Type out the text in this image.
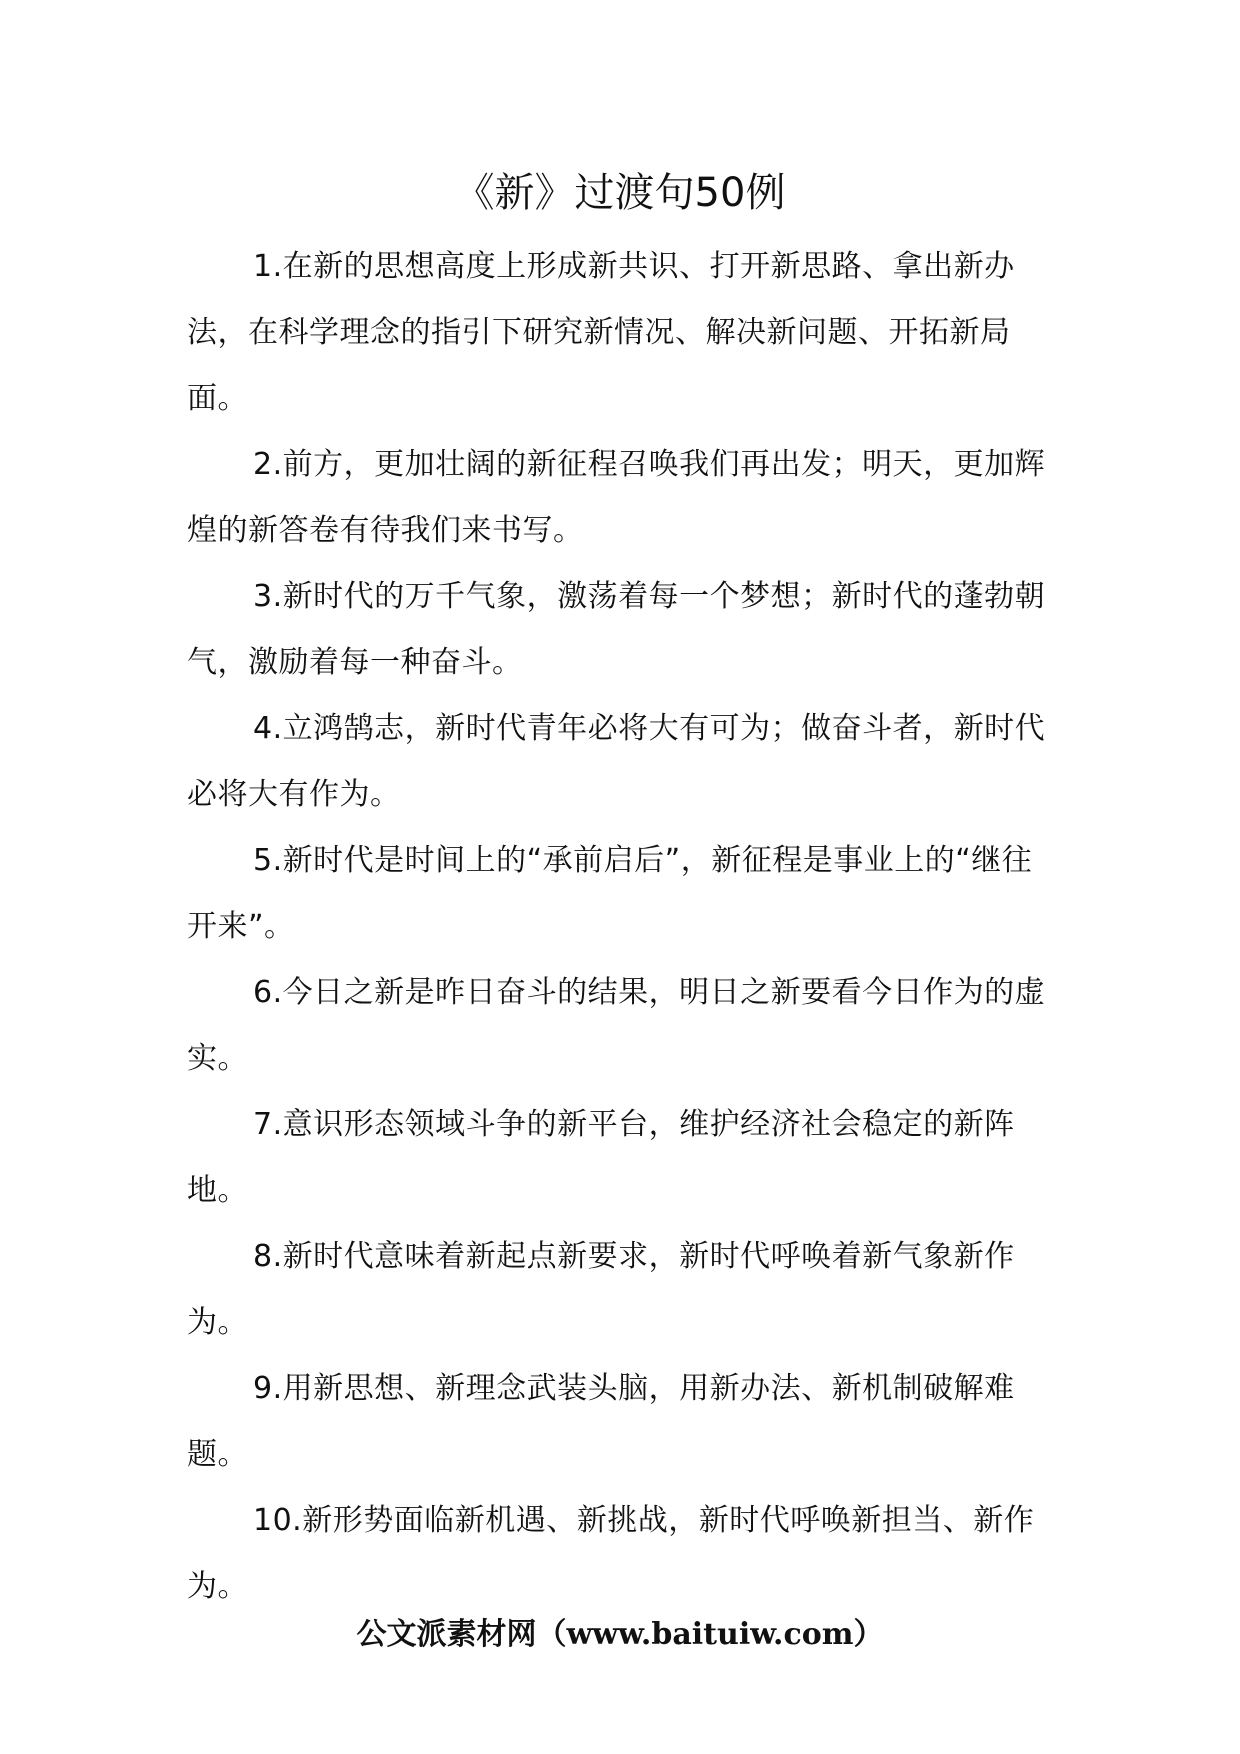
《新》过渡句50例

1.在新的思想高度上形成新共识、打开新思路、拿出新办法，在科学理念的指引下研究新情况、解决新问题、开拓新局面。

2.前方，更加壮阔的新征程召唤我们再出发；明天，更加辉煌的新答卷有待我们来书写。

3.新时代的万千气象，激荡着每一个梦想；新时代的蓬勃朝气，激励着每一种奋斗。

4.立鸿鹄志，新时代青年必将大有可为；做奋斗者，新时代必将大有作为。

5.新时代是时间上的“承前启后”，新征程是事业上的“继往开来”。

6.今日之新是昨日奋斗的结果，明日之新要看今日作为的虚实。

7.意识形态领域斗争的新平台，维护经济社会稳定的新阵地。

8.新时代意味着新起点新要求，新时代呼唤着新气象新作为。

9.用新思想、新理念武装头脑，用新办法、新机制破解难题。

10.新形势面临新机遇、新挑战，新时代呼唤新担当、新作为。

公文派素材网（www.baituiw.com）
